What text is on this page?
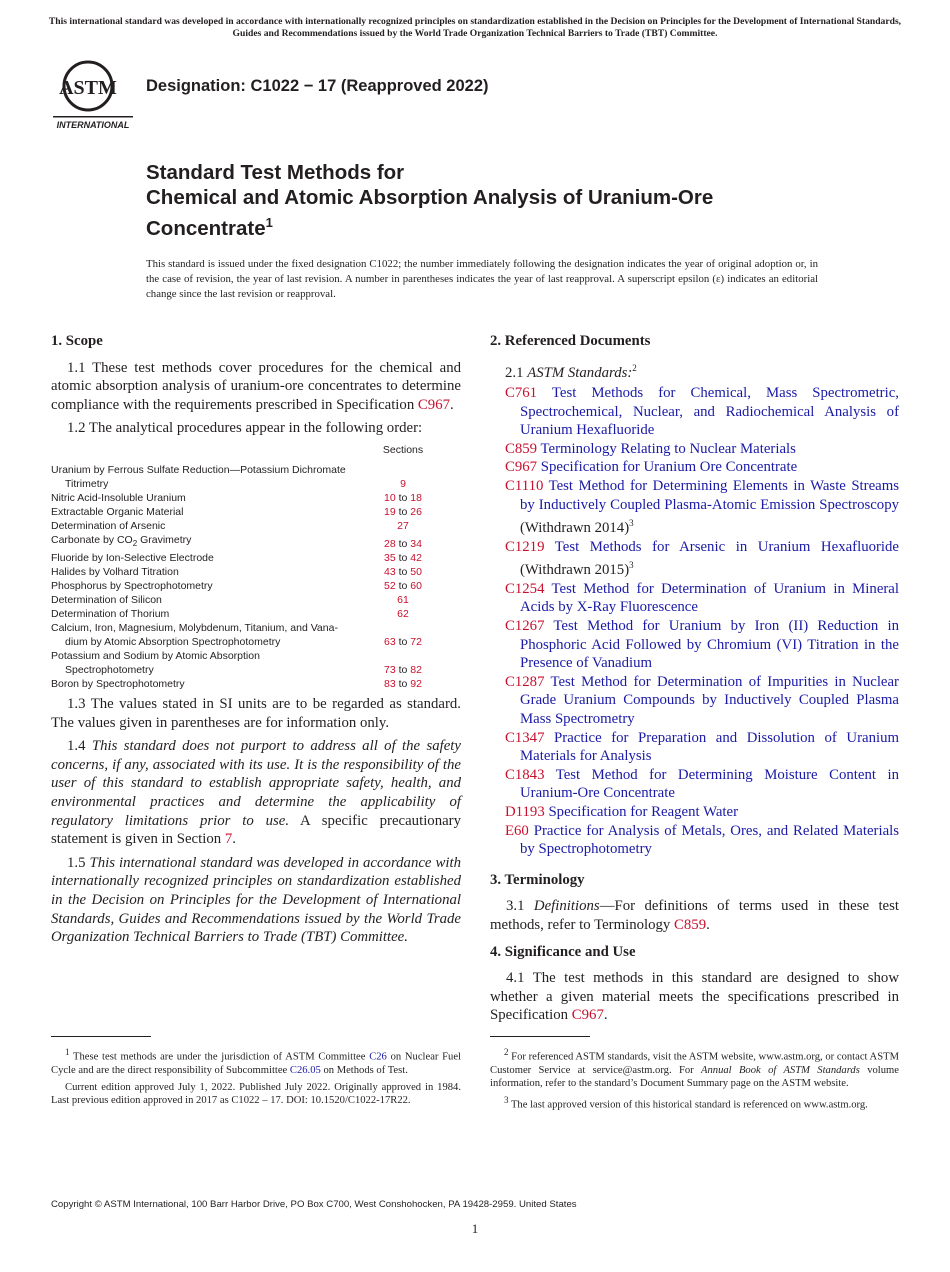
This international standard was developed in accordance with internationally recognized principles on standardization established in the Decision on Principles for the Development of International Standards, Guides and Recommendations issued by the World Trade Organization Technical Barriers to Trade (TBT) Committee.
ASTM
INTERNATIONAL
Designation: C1022 − 17 (Reapproved 2022)
Standard Test Methods for
Chemical and Atomic Absorption Analysis of Uranium-Ore
Concentrate$^1$
This standard is issued under the fixed designation C1022; the number immediately following the designation indicates the year of original adoption or, in the case of revision, the year of last revision. A number in parentheses indicates the year of last reapproval. A superscript epsilon (ε) indicates an editorial change since the last revision or reapproval.
1. Scope

1.1 These test methods cover procedures for the chemical and atomic absorption analysis of uranium-ore concentrates to determine compliance with the requirements prescribed in Specification C967.

1.2 The analytical procedures appear in the following order:

	Sections

Uranium by Ferrous Sulfate Reduction—Potassium Dichromate	
Titrimetry	9
Nitric Acid-Insoluble Uranium	10 to 18
Extractable Organic Material	19 to 26
Determination of Arsenic	27
Carbonate by $CO_2$ Gravimetry	28 to 34
Fluoride by Ion-Selective Electrode	35 to 42
Halides by Volhard Titration	43 to 50
Phosphorus by Spectrophotometry	52 to 60
Determination of Silicon	61
Determination of Thorium	62
Calcium, Iron, Magnesium, Molybdenum, Titanium, and Vana-	
dium by Atomic Absorption Spectrophotometry	63 to 72
Potassium and Sodium by Atomic Absorption	
Spectrophotometry	73 to 82
Boron by Spectrophotometry	83 to 92

1.3 The values stated in SI units are to be regarded as standard. The values given in parentheses are for information only.

1.4 This standard does not purport to address all of the safety concerns, if any, associated with its use. It is the responsibility of the user of this standard to establish appropriate safety, health, and environmental practices and determine the applicability of regulatory limitations prior to use. A specific precautionary statement is given in Section 7.

1.5 This international standard was developed in accordance with internationally recognized principles on standardization established in the Decision on Principles for the Development of International Standards, Guides and Recommendations issued by the World Trade Organization Technical Barriers to Trade (TBT) Committee.

2. Referenced Documents
2.1 ASTM Standards:$^2$

C761 Test Methods for Chemical, Mass Spectrometric, Spectrochemical, Nuclear, and Radiochemical Analysis of Uranium Hexafluoride

C859 Terminology Relating to Nuclear Materials

C967 Specification for Uranium Ore Concentrate

C1110 Test Method for Determining Elements in Waste Streams by Inductively Coupled Plasma-Atomic Emission Spectroscopy (Withdrawn 2014)$^3$

C1219 Test Methods for Arsenic in Uranium Hexafluoride (Withdrawn 2015)$^3$

C1254 Test Method for Determination of Uranium in Mineral Acids by X-Ray Fluorescence

C1267 Test Method for Uranium by Iron (II) Reduction in Phosphoric Acid Followed by Chromium (VI) Titration in the Presence of Vanadium

C1287 Test Method for Determination of Impurities in Nuclear Grade Uranium Compounds by Inductively Coupled Plasma Mass Spectrometry

C1347 Practice for Preparation and Dissolution of Uranium Materials for Analysis

C1843 Test Method for Determining Moisture Content in Uranium-Ore Concentrate

D1193 Specification for Reagent Water

E60 Practice for Analysis of Metals, Ores, and Related Materials by Spectrophotometry

3. Terminology

3.1 Definitions—For definitions of terms used in these test methods, refer to Terminology C859.

4. Significance and Use

4.1 The test methods in this standard are designed to show whether a given material meets the specifications prescribed in Specification C967.

$^1$ These test methods are under the jurisdiction of ASTM Committee C26 on Nuclear Fuel Cycle and are the direct responsibility of Subcommittee C26.05 on Methods of Test.

Current edition approved July 1, 2022. Published July 2022. Originally approved in 1984. Last previous edition approved in 2017 as C1022 – 17. DOI: 10.1520/C1022-17R22.

$^2$ For referenced ASTM standards, visit the ASTM website, www.astm.org, or contact ASTM Customer Service at service@astm.org. For Annual Book of ASTM Standards volume information, refer to the standard’s Document Summary page on the ASTM website.

$^3$ The last approved version of this historical standard is referenced on www.astm.org.

Copyright © ASTM International, 100 Barr Harbor Drive, PO Box C700, West Conshohocken, PA 19428-2959. United States
1
